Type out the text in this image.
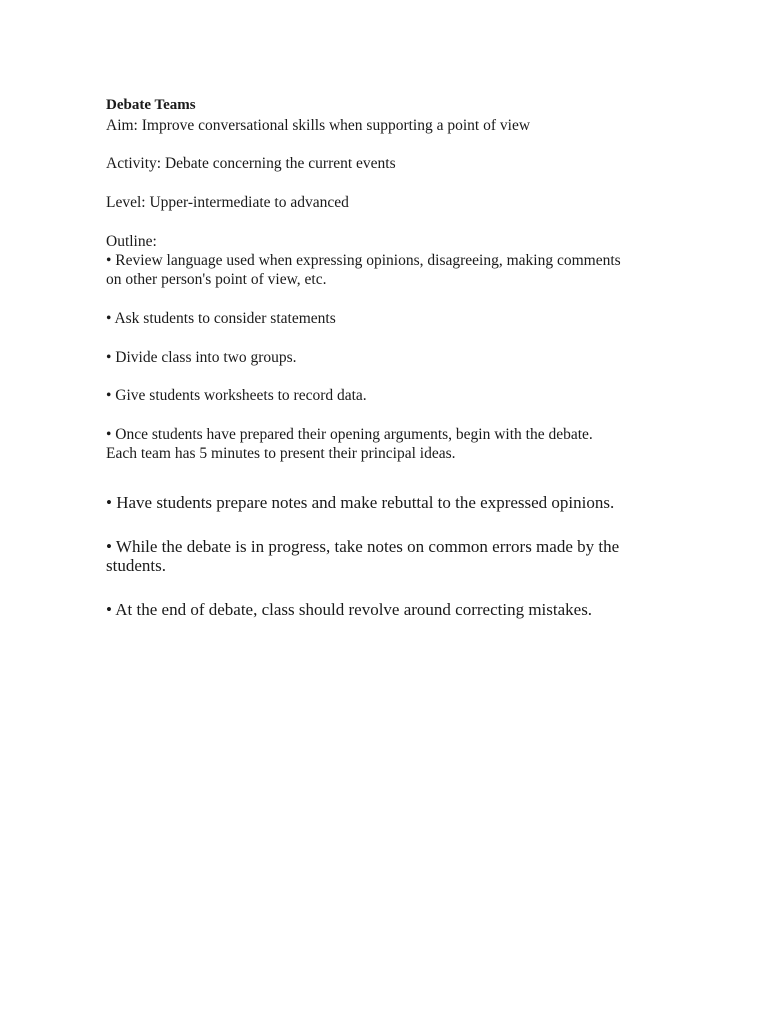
Debate Teams
Aim: Improve conversational skills when supporting a point of view
Activity: Debate concerning the current events
Level: Upper-intermediate to advanced
Outline:
• Review language used when expressing opinions, disagreeing, making comments
on other person's point of view, etc.
• Ask students to consider statements
• Divide class into two groups.
• Give students worksheets to record data.
• Once students have prepared their opening arguments, begin with the debate.
Each team has 5 minutes to present their principal ideas.
• Have students prepare notes and make rebuttal to the expressed opinions.
• While the debate is in progress, take notes on common errors made by the
students.
• At the end of debate, class should revolve around correcting mistakes.
